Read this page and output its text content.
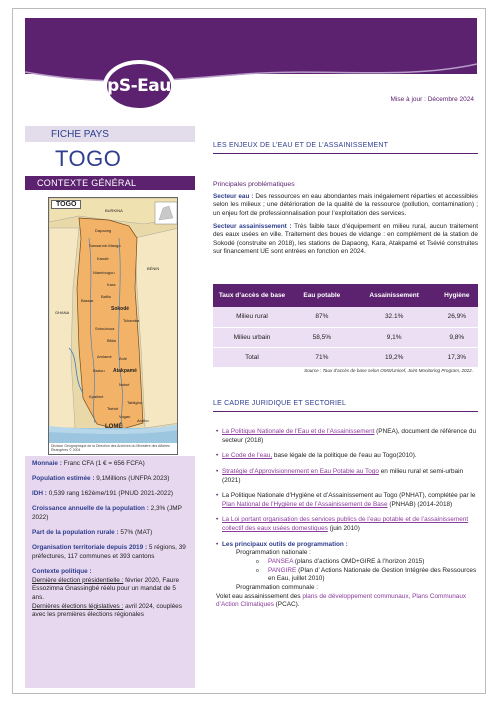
pS-Eau
Mise à jour : Décembre 2024
FICHE PAYS
TOGO
CONTEXTE GÉNÉRAL
TOGO
BURKINA
BÉNIN
GHANA
Dapaong
Sansanné-Mango
Kandé
Niamtougou
Kara
Bafilo
Bassar
Sokodé
Tchamba
Sotouboua
Blitta
Amlamé Anié
Badou Atakpamé
Notsé
Kpalimé
Tabligbo
Tsévié
Vogan
Aného
LOMÉ
Division Géographique de la Direction des Archives du Ministère des Affaires Étrangères © 2004
Monnaie : Franc CFA (1 € = 656 FCFA)
Population estimée : 9,1Millions (UNFPA 2023)
IDH : 0,539 rang 162ème/191 (PNUD 2021-2022)
Croissance annuelle de la population : 2,3% (JMP 2022)
Part de la population rurale : 57% (MAT)
Organisation territoriale depuis 2019 : 5 régions, 39 préfectures, 117 communes et 393 cantons
Contexte politique :
Dernière élection présidentielle : février 2020, Faure Essozimna Gnassingbé réélu pour un mandat de 5 ans.
Dernières élections législatives : avril 2024, couplées avec les premières élections régionales
LES ENJEUX DE L’EAU ET DE L’ASSAINISSEMENT
Principales problématiques
Secteur eau : Des ressources en eau abondantes mais inégalement réparties et accessibles selon les milieux ; une détérioration de la qualité de la ressource (pollution, contamination) ; un enjeu fort de professionnalisation pour l’exploitation des services.
Secteur assainissement : Très faible taux d’équipement en milieu rural, aucun traitement des eaux usées en ville. Traitement des boues de vidange : en complément de la station de Sokodé (construite en 2018), les stations de Dapaong, Kara, Atakpamé et Tsévié construites sur financement UE sont entrées en fonction en 2024.
Taux d’accès de base	Eau potable	Assainissement	Hygiène
Milieu rural	87%	32.1%	26,9%
Milieu urbain	58,5%	9,1%	9,8%
Total	71%	19,2%	17,3%
Source : Taux d’accès de base selon OMS/Unicef, Joint Monitoring Program, 2022.
LE CADRE JURIDIQUE ET SECTORIEL
• La Politique Nationale de l’Eau et de l’Assainissement (PNEA), document de référence du secteur (2018)
• Le Code de l’eau, base légale de la politique de l’eau au Togo(2010).
• Stratégie d’Approvisionnement en Eau Potable au Togo en milieu rural et semi-urbain (2021)
• La Politique Nationale d’Hygiène et d’Assainissement au Togo (PNHAT), complétée par le Plan National de l’Hygiène et de l’Assainissement de Base (PNHAB) (2014-2018)
• La Loi portant organisation des services publics de l’eau potable et de l’assainissement collectif des eaux usées domestiques (juin 2010)
• Les principaux outils de programmation :
Programmation nationale :
o PANSEA (plans d’actions OMD+GIRE à l’horizon 2015)
o PANGIRE (Plan d’ Actions Nationale de Gestion Intégrée des Ressources en Eau, juillet 2010)
Programmation communale :
Volet eau assainissement des plans de développement communaux, Plans Communaux d’Action Climatiques (PCAC).
